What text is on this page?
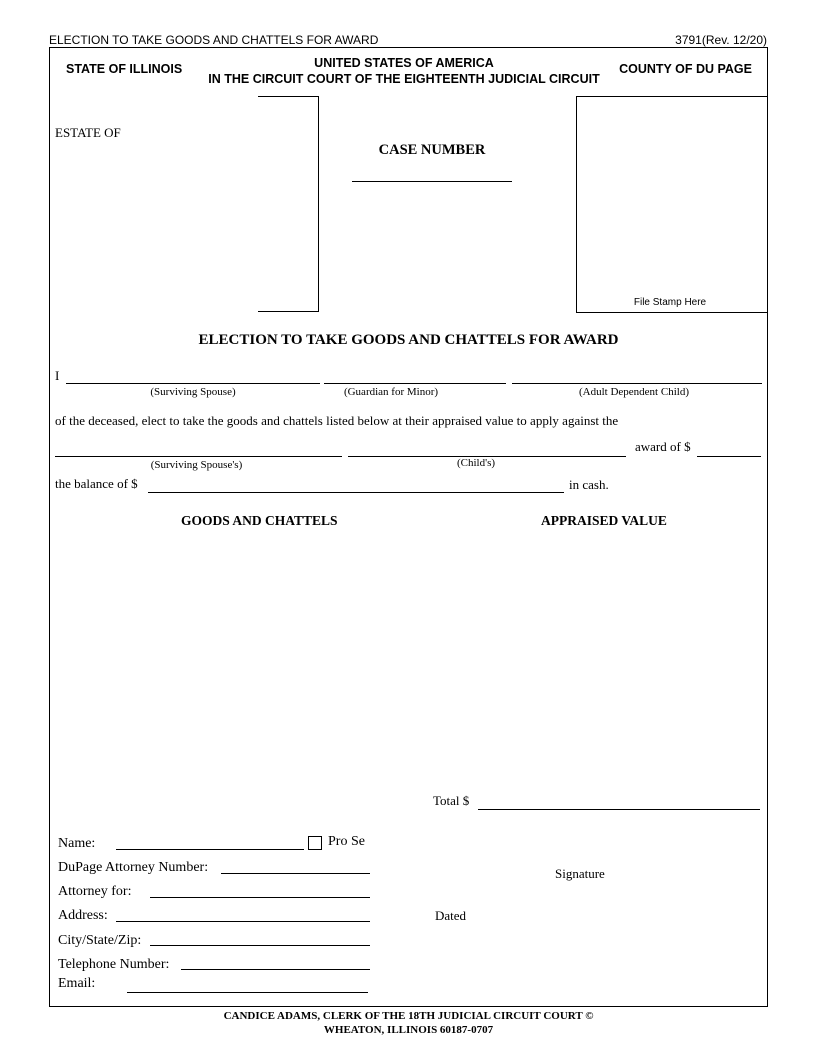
ELECTION TO TAKE GOODS AND CHATTELS FOR AWARD	3791(Rev. 12/20)
STATE OF ILLINOIS	UNITED STATES OF AMERICA
IN THE CIRCUIT COURT OF THE EIGHTEENTH JUDICIAL CIRCUIT
COUNTY OF DU PAGE
ESTATE OF
CASE NUMBER
File Stamp Here
ELECTION TO TAKE GOODS AND CHATTELS FOR AWARD
I
(Surviving Spouse)	(Guardian for Minor)	(Adult Dependent Child)
of the deceased, elect to take the goods and chattels listed below at their appraised value to apply against the
award of $
(Surviving Spouse's)	(Child's)
the balance of $	in cash.
GOODS AND CHATTELS	APPRAISED VALUE
Total $
Name:	Pro Se
DuPage Attorney Number:
Attorney for:
Address:
City/State/Zip:
Telephone Number:
Email:
Signature
Dated
CANDICE ADAMS, CLERK OF THE 18TH JUDICIAL CIRCUIT COURT ©
WHEATON, ILLINOIS 60187-0707
